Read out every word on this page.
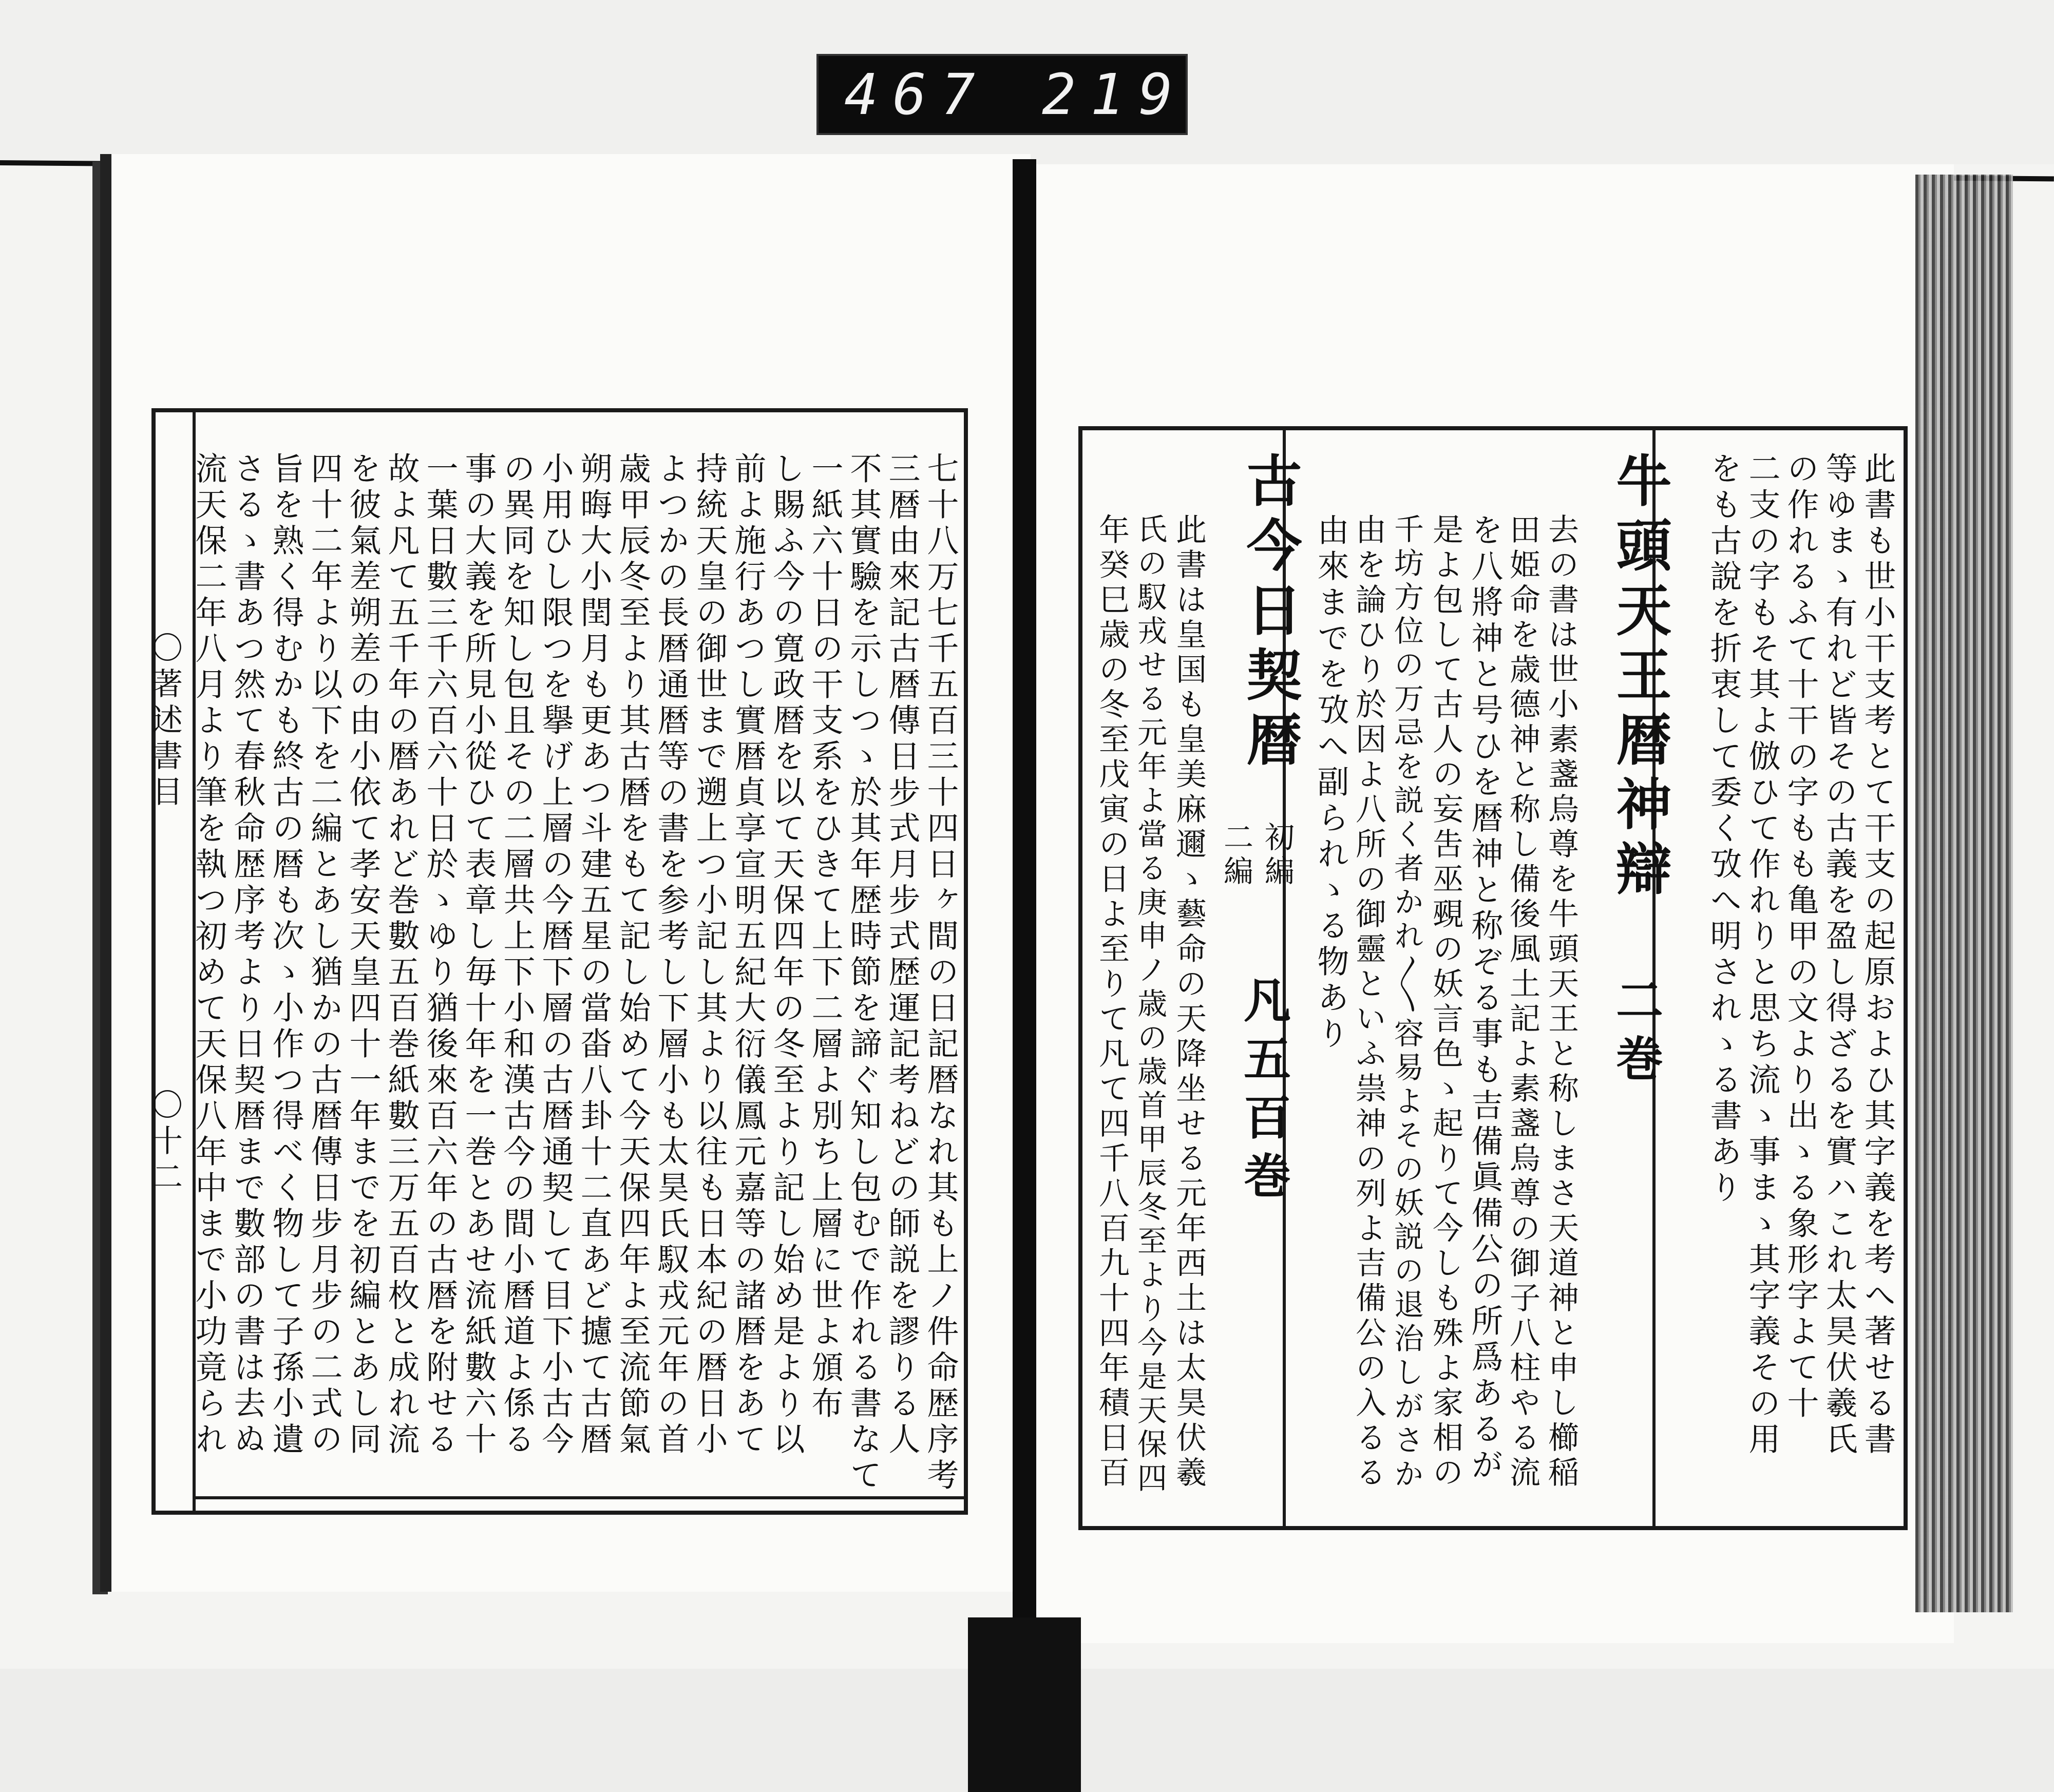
467 219
七十八万七千五百三十四日ヶ間の日記暦なれ其も上ノ件命歴序考
三暦由來記古暦傳日步式月步式歴運記考ねどの師説を謬りる人
不其實驗を示しつゝ於其年歴時節を諦ぐ知し包むで作れる書なて
一紙六十日の干支系をひきて上下二層よ別ち上層に世よ頒布
し賜ふ今の寛政暦を以て天保四年の冬至より記し始め是より以
前よ施行あつし實暦貞享宣明五紀大衍儀鳳元嘉等の諸暦をあて
持統天皇の御世まで遡上つ小記し其より以往も日本紀の暦日小
よつかの長暦通暦等の書を参考し下層小も太昊氏馭戎元年の首
歳甲辰冬至より其古暦をもて記し始めて今天保四年よ至流節氣
朔晦大小閏月も更あつ斗建五星の當畓八卦十二直あど攄て古暦
小用ひし限つを擧げ上層の今暦下層の古暦通契して目下小古今
の異同を知し包且その二層共上下小和漢古今の間小曆道よ係る
事の大義を所見小從ひて表章し毎十年を一巻とあせ流紙數六十
一葉日數三千六百六十日於ゝゆり猶後來百六年の古暦を附せる
故よ凡て五千年の暦あれど巻數五百巻紙數三万五百枚と成れ流
を彼氣差朔差の由小依て孝安天皇四十一年までを初編とあし同
四十二年より以下を二編とあし猶かの古暦傳日步月步の二式の
旨を熟く得むかも終古の暦も次ゝ小作つ得べく物して子孫小遺
さるゝ書あつ然て春秋命歴序考より日契暦まで數部の書は去ぬ
流天保二年八月より筆を執つ初めて天保八年中まで小功竟られ
〇著述書目
〇十二	此書も世小干支考とて干支の起原およひ其字義を考へ著せる書
等ゆまゝ有れど皆その古義を盈し得ざるを實ハこれ太昊伏羲氏
の作れるふて十干の字もも亀甲の文より出ゝる象形字よて十
二支の字もそ其よ倣ひて作れりと思ち流ゝ事まゝ其字義その用
をも古說を折衷して委く攷へ明されゝる書あり
牛頭天王暦神辯
二巻
去の書は世小素盞烏尊を牛頭天王と称しまさ天道神と申し櫛稲
田姫命を歳德神と称し備後風土記よ素盞烏尊の御子八柱やる流
を八將神と号ひを暦神と称ぞる事も吉備眞備公の所爲あるが
是よ包して古人の妄吿巫覡の妖言色ゝ起りて今しも殊よ家相の
千坊方位の万忌を説く者かれ〳〵容易よその妖説の退治しがさか
由を論ひり於因よ八所の御靈といふ祟神の列よ吉備公の入るる
由來までを攷へ副られゝる物あり
古今日契暦
初編
二編
凡五百巻
此書は皇国も皇美麻邇ゝ藝命の天降坐せる元年西土は太昊伏羲
氏の馭戎せる元年よ當る庚申ノ歳の歳首甲辰冬至より今是天保四
年癸巳歳の冬至戊寅の日よ至りて凡て四千八百九十四年積日百
